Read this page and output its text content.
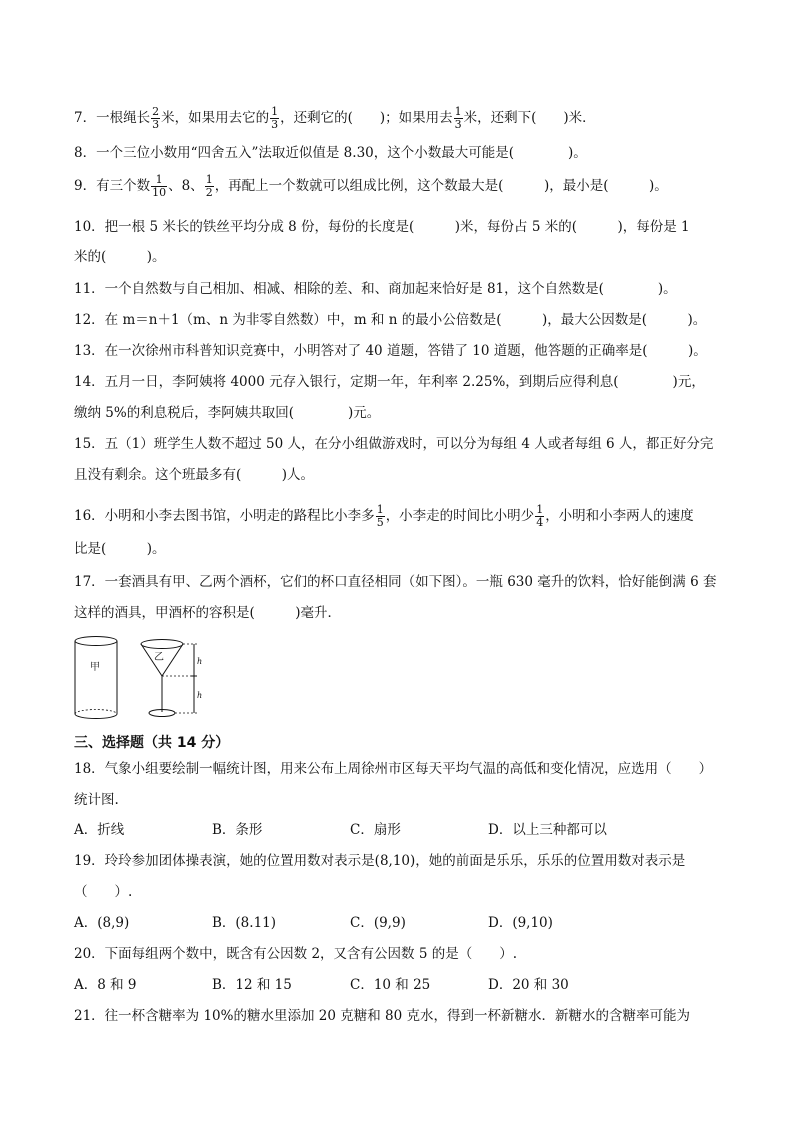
7．一根绳长 $\frac{2}{3}$ 米，如果用去它的 $\frac{1}{3}$ ，还剩它的(　　)；如果用去 $\frac{1}{3}$ 米，还剩下(　　)米．
8．一个三位小数用“四舍五入”法取近似值是 8.30，这个小数最大可能是(　　　　)。
9．有三个数 $\frac{1}{10}$ 、8、 $\frac{1}{2}$ ，再配上一个数就可以组成比例，这个数最大是(　　　)，最小是(　　　)。
10．把一根 5 米长的铁丝平均分成 8 份，每份的长度是(　　　)米，每份占 5 米的(　　　)，每份是 1
米的(　　　)。
11．一个自然数与自己相加、相减、相除的差、和、商加起来恰好是 81，这个自然数是(　　　　)。
12．在 m＝n＋1（m、n 为非零自然数）中，m 和 n 的最小公倍数是(　　　)，最大公因数是(　　　)。
13．在一次徐州市科普知识竞赛中，小明答对了 40 道题，答错了 10 道题，他答题的正确率是(　　　)。
14．五月一日，李阿姨将 4000 元存入银行，定期一年，年利率 2.25%，到期后应得利息(　　　　)元，
缴纳 5%的利息税后，李阿姨共取回(　　　　)元。
15．五（1）班学生人数不超过 50 人，在分小组做游戏时，可以分为每组 4 人或者每组 6 人，都正好分完
且没有剩余。这个班最多有(　　　)人。
16．小明和小李去图书馆，小明走的路程比小李多 $\frac{1}{5}$ ，小李走的时间比小明少 $\frac{1}{4}$ ，小明和小李两人的速度
比是(　　　)。
17．一套酒具有甲、乙两个酒杯，它们的杯口直径相同（如下图）。一瓶 630 毫升的饮料，恰好能倒满 6 套
这样的酒具，甲酒杯的容积是(　　　)毫升．
甲
乙	h
h
三、选择题（共 14 分）
18．气象小组要绘制一幅统计图，用来公布上周徐州市区每天平均气温的高低和变化情况，应选用（　　）
统计图.
A．折线	B．条形	C．扇形	D．以上三种都可以
19．玲玲参加团体操表演，她的位置用数对表示是(8,10)，她的前面是乐乐，乐乐的位置用数对表示是
（　　）.
A．(8,9)	B．(8.11)	C．(9,9)	D．(9,10)
20．下面每组两个数中，既含有公因数 2，又含有公因数 5 的是（　　）.
A．8 和 9	B．12 和 15	C．10 和 25	D．20 和 30
21．往一杯含糖率为 10%的糖水里添加 20 克糖和 80 克水，得到一杯新糖水．新糖水的含糖率可能为
